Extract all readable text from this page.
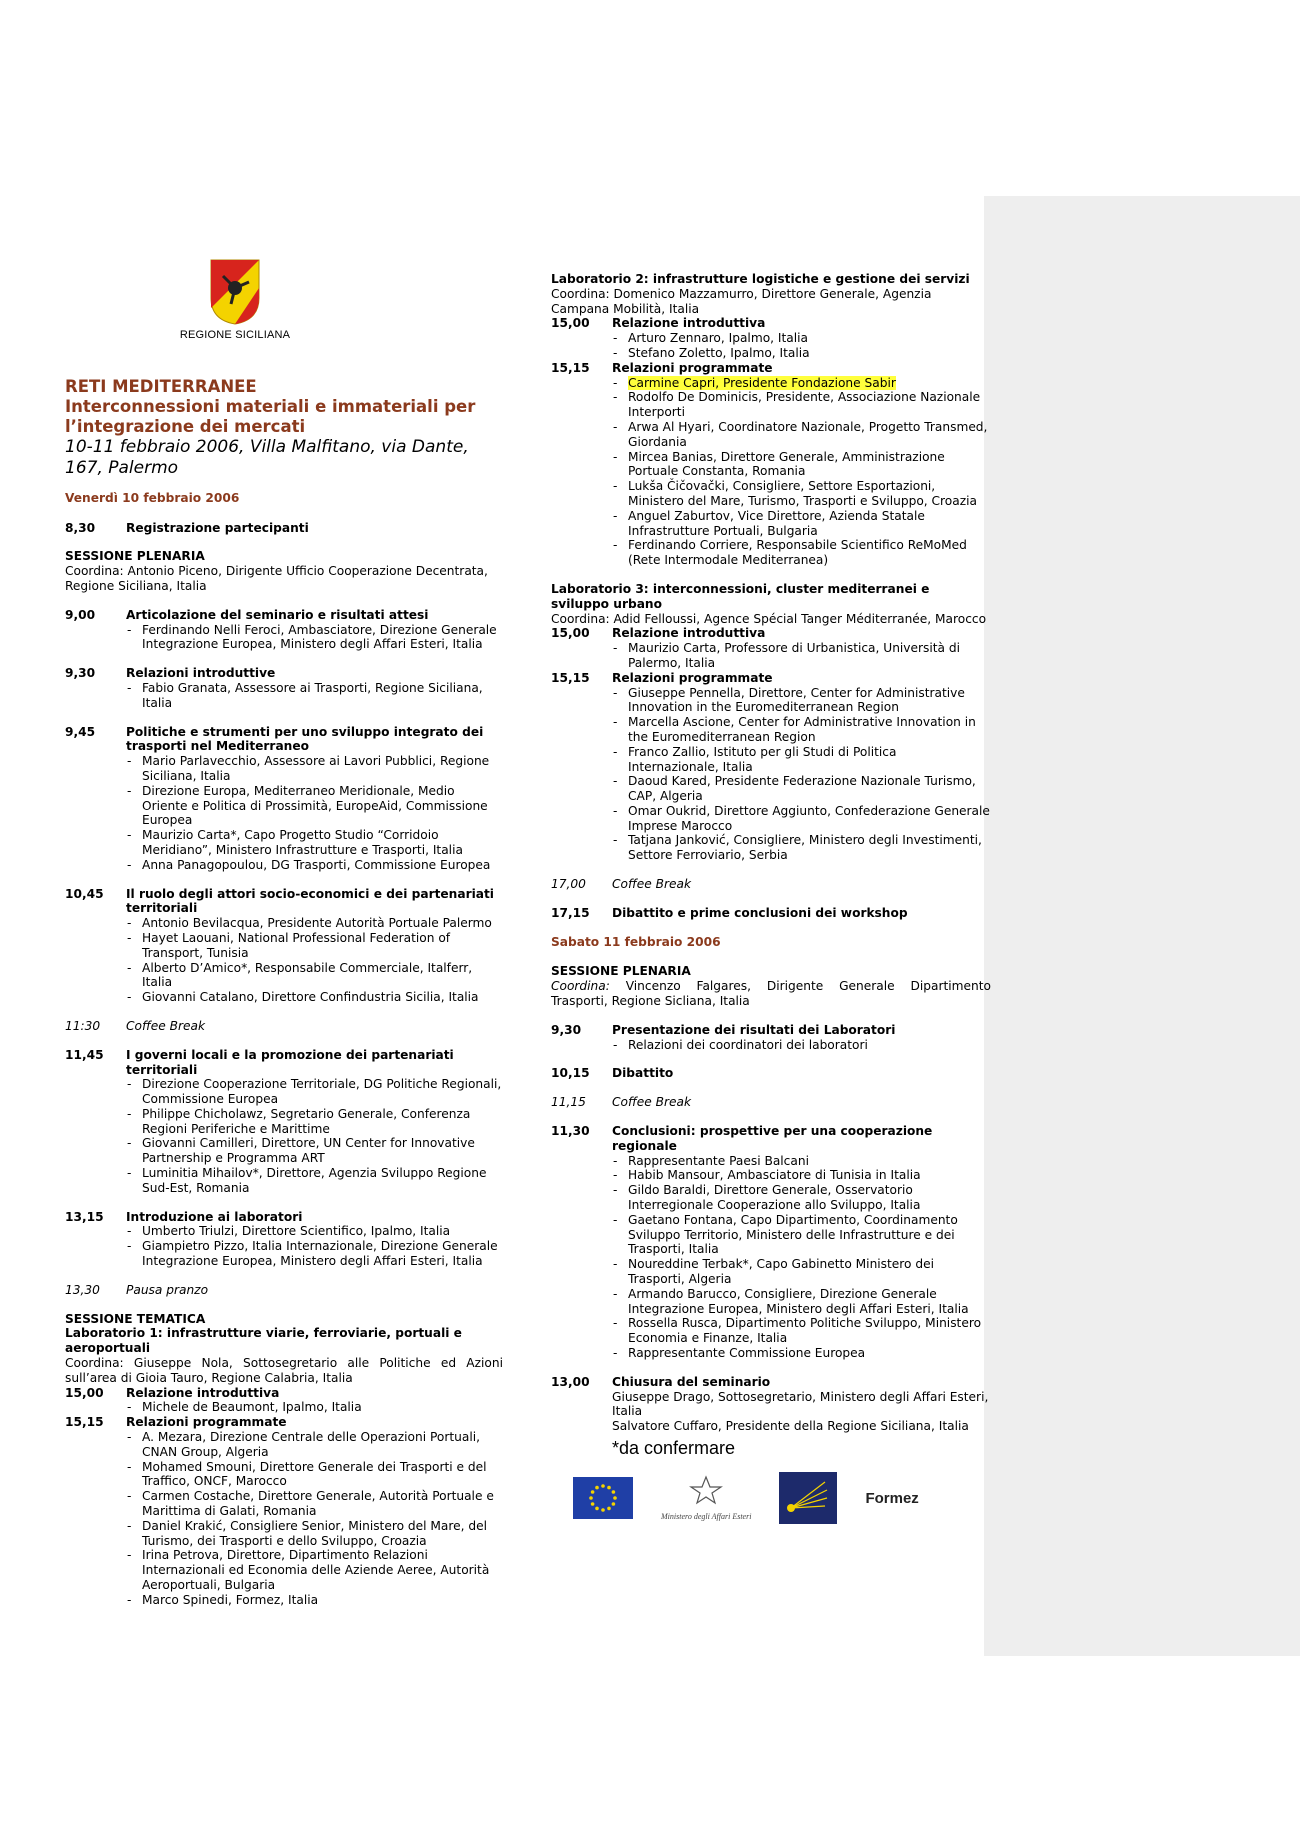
REGIONE SICILIANA
RETI MEDITERRANEE
Interconnessioni materiali e immateriali per l’integrazione dei mercati
10-11 febbraio 2006, Villa Malfitano, via Dante, 167, Palermo
Venerdì 10 febbraio 2006
8,30	Registrazione partecipanti
SESSIONE PLENARIA
Coordina: Antonio Piceno, Dirigente Ufficio Cooperazione Decentrata, Regione Siciliana, Italia
9,00	Articolazione del seminario e risultati attesi
- Ferdinando Nelli Feroci, Ambasciatore, Direzione Generale Integrazione Europea, Ministero degli Affari Esteri, Italia
9,30	Relazioni introduttive
- Fabio Granata, Assessore ai Trasporti, Regione Siciliana, Italia
9,45	Politiche e strumenti per uno sviluppo integrato dei trasporti nel Mediterraneo
- Mario Parlavecchio, Assessore ai Lavori Pubblici, Regione Siciliana, Italia
- Direzione Europa, Mediterraneo Meridionale, Medio Oriente e Politica di Prossimità, EuropeAid, Commissione Europea
- Maurizio Carta*, Capo Progetto Studio “Corridoio Meridiano”, Ministero Infrastrutture e Trasporti, Italia
- Anna Panagopoulou, DG Trasporti, Commissione Europea
10,45	Il ruolo degli attori socio-economici e dei partenariati territoriali
- Antonio Bevilacqua, Presidente Autorità Portuale Palermo
- Hayet Laouani, National Professional Federation of Transport, Tunisia
- Alberto D’Amico*, Responsabile Commerciale, Italferr, Italia
- Giovanni Catalano, Direttore Confindustria Sicilia, Italia
11:30	Coffee Break
11,45	I governi locali e la promozione dei partenariati territoriali
- Direzione Cooperazione Territoriale, DG Politiche Regionali, Commissione Europea
- Philippe Chicholawz, Segretario Generale, Conferenza Regioni Periferiche e Marittime
- Giovanni Camilleri, Direttore, UN Center for Innovative Partnership e Programma ART
- Luminitia Mihailov*, Direttore, Agenzia Sviluppo Regione Sud-Est, Romania
13,15	Introduzione ai laboratori
- Umberto Triulzi, Direttore Scientifico, Ipalmo, Italia
- Giampietro Pizzo, Italia Internazionale, Direzione Generale Integrazione Europea, Ministero degli Affari Esteri, Italia
13,30	Pausa pranzo
SESSIONE TEMATICA
Laboratorio 1: infrastrutture viarie, ferroviarie, portuali e aeroportuali
Coordina: Giuseppe Nola, Sottosegretario alle Politiche ed Azioni sull’area di Gioia Tauro, Regione Calabria, Italia
15,00	Relazione introduttiva
- Michele de Beaumont, Ipalmo, Italia
15,15	Relazioni programmate
- A. Mezara, Direzione Centrale delle Operazioni Portuali, CNAN Group, Algeria
- Mohamed Smouni, Direttore Generale dei Trasporti e del Traffico, ONCF, Marocco
- Carmen Costache, Direttore Generale, Autorità Portuale e Marittima di Galati, Romania
- Daniel Krakić, Consigliere Senior, Ministero del Mare, del Turismo, dei Trasporti e dello Sviluppo, Croazia
- Irina Petrova, Direttore, Dipartimento Relazioni Internazionali ed Economia delle Aziende Aeree, Autorità Aeroportuali, Bulgaria
- Marco Spinedi, Formez, Italia
Laboratorio 2: infrastrutture logistiche e gestione dei servizi
Coordina: Domenico Mazzamurro, Direttore Generale, Agenzia Campana Mobilità, Italia
15,00	Relazione introduttiva
- Arturo Zennaro, Ipalmo, Italia
- Stefano Zoletto, Ipalmo, Italia
15,15	Relazioni programmate
- Carmine Capri, Presidente Fondazione Sabir
- Rodolfo De Dominicis, Presidente, Associazione Nazionale Interporti
- Arwa Al Hyari, Coordinatore Nazionale, Progetto Transmed, Giordania
- Mircea Banias, Direttore Generale, Amministrazione Portuale Constanta, Romania
- Lukša Čičovački, Consigliere, Settore Esportazioni, Ministero del Mare, Turismo, Trasporti e Sviluppo, Croazia
- Anguel Zaburtov, Vice Direttore, Azienda Statale Infrastrutture Portuali, Bulgaria
- Ferdinando Corriere, Responsabile Scientifico ReMoMed (Rete Intermodale Mediterranea)
Laboratorio 3: interconnessioni, cluster mediterranei e sviluppo urbano
Coordina: Adid Felloussi, Agence Spécial Tanger Méditerranée, Marocco
15,00	Relazione introduttiva
- Maurizio Carta, Professore di Urbanistica, Università di Palermo, Italia
15,15	Relazioni programmate
- Giuseppe Pennella, Direttore, Center for Administrative Innovation in the Euromediterranean Region
- Marcella Ascione, Center for Administrative Innovation in the Euromediterranean Region
- Franco Zallio, Istituto per gli Studi di Politica Internazionale, Italia
- Daoud Kared, Presidente Federazione Nazionale Turismo, CAP, Algeria
- Omar Oukrid, Direttore Aggiunto, Confederazione Generale Imprese Marocco
- Tatjana Janković, Consigliere, Ministero degli Investimenti, Settore Ferroviario, Serbia
17,00	Coffee Break
17,15	Dibattito e prime conclusioni dei workshop
Sabato 11 febbraio 2006
SESSIONE PLENARIA
Coordina: Vincenzo Falgares, Dirigente Generale Dipartimento Trasporti, Regione Sicliana, Italia
9,30	Presentazione dei risultati dei Laboratori
- Relazioni dei coordinatori dei laboratori
10,15	Dibattito
11,15	Coffee Break
11,30	Conclusioni: prospettive per una cooperazione regionale
- Rappresentante Paesi Balcani
- Habib Mansour, Ambasciatore di Tunisia in Italia
- Gildo Baraldi, Direttore Generale, Osservatorio Interregionale Cooperazione allo Sviluppo, Italia
- Gaetano Fontana, Capo Dipartimento, Coordinamento Sviluppo Territorio, Ministero delle Infrastrutture e dei Trasporti, Italia
- Noureddine Terbak*, Capo Gabinetto Ministero dei Trasporti, Algeria
- Armando Barucco, Consigliere, Direzione Generale Integrazione Europea, Ministero degli Affari Esteri, Italia
- Rossella Rusca, Dipartimento Politiche Sviluppo, Ministero Economia e Finanze, Italia
- Rappresentante Commissione Europea
13,00	Chiusura del seminario
Giuseppe Drago, Sottosegretario, Ministero degli Affari Esteri, Italia
Salvatore Cuffaro, Presidente della Regione Siciliana, Italia
*da confermare
Ministero degli Affari Esteri
Formez
